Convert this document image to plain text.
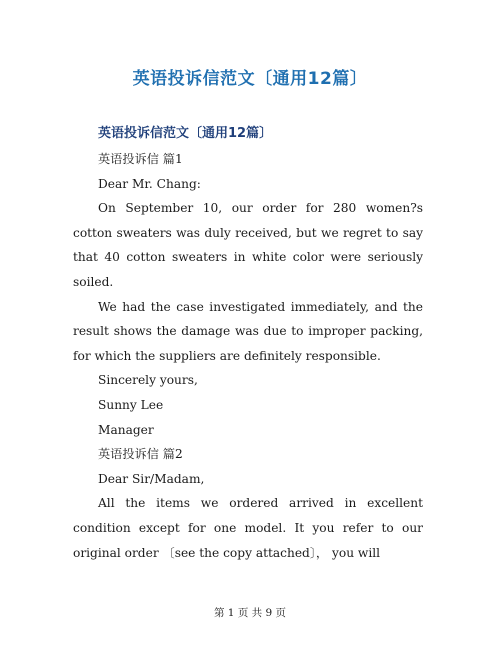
英语投诉信范文〔通用12篇〕
英语投诉信范文〔通用12篇〕

英语投诉信 篇1

Dear Mr. Chang:

On September 10, our order for 280 women?s cotton sweaters was duly received, but we regret to say that 40 cotton sweaters in white color were seriously soiled.

We had the case investigated immediately, and the result shows the damage was due to improper packing, for which the suppliers are definitely responsible.

Sincerely yours,

Sunny Lee

Manager

英语投诉信 篇2

Dear Sir/Madam,

All the items we ordered arrived in excellent condition except for one model. It you refer to our original order 〔see the copy attached〕， you will

第 1 页 共 9 页
